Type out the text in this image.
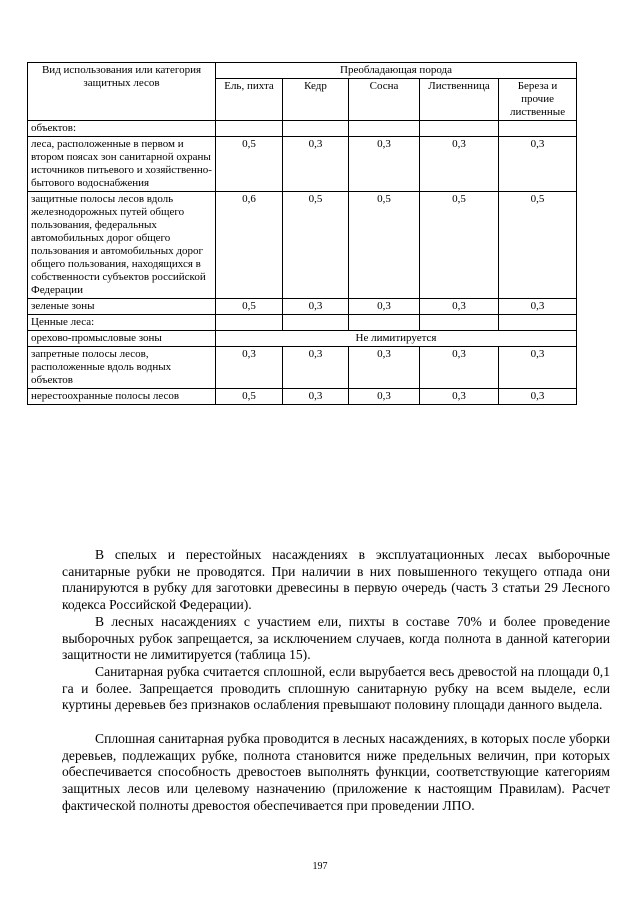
Вид использования или категория защитных лесов	Преобладающая порода				
	Ель, пихта	Кедр	Сосна	Лиственница	Береза и прочие лиственные
объектов:					
леса, расположенные в первом и втором поясах зон санитарной охраны источников питьевого и хозяйственно-бытового водоснабжения	0,5	0,3	0,3	0,3	0,3
защитные полосы лесов вдоль железнодорожных путей общего пользования, федеральных автомобильных дорог общего пользования и автомобильных дорог общего пользования, находящихся в собственности субъектов российской Федерации	0,6	0,5	0,5	0,5	0,5
зеленые зоны	0,5	0,3	0,3	0,3	0,3
Ценные леса:					
орехово-промысловые зоны	Не лимитируется				
запретные полосы лесов, расположенные вдоль водных объектов	0,3	0,3	0,3	0,3	0,3
нерестоохранные полосы лесов	0,5	0,3	0,3	0,3	0,3

В спелых и перестойных насаждениях в эксплуатационных лесах выборочные санитарные рубки не проводятся. При наличии в них повышенного текущего отпада они планируются в рубку для заготовки древесины в первую очередь (часть 3 статьи 29 Лесного кодекса Российской Федерации).

В лесных насаждениях с участием ели, пихты в составе 70% и более проведение выборочных рубок запрещается, за исключением случаев, когда полнота в данной категории защитности не лимитируется (таблица 15).

Санитарная рубка считается сплошной, если вырубается весь древостой на площади 0,1 га и более. Запрещается проводить сплошную санитарную рубку на всем выделе, если куртины деревьев без признаков ослабления превышают половину площади данного выдела.

Сплошная санитарная рубка проводится в лесных насаждениях, в которых после уборки деревьев, подлежащих рубке, полнота становится ниже предельных величин, при которых обеспечивается способность древостоев выполнять функции, соответствующие категориям защитных лесов или целевому назначению (приложение к настоящим Правилам). Расчет фактической полноты древостоя обеспечивается при проведении ЛПО.

197
